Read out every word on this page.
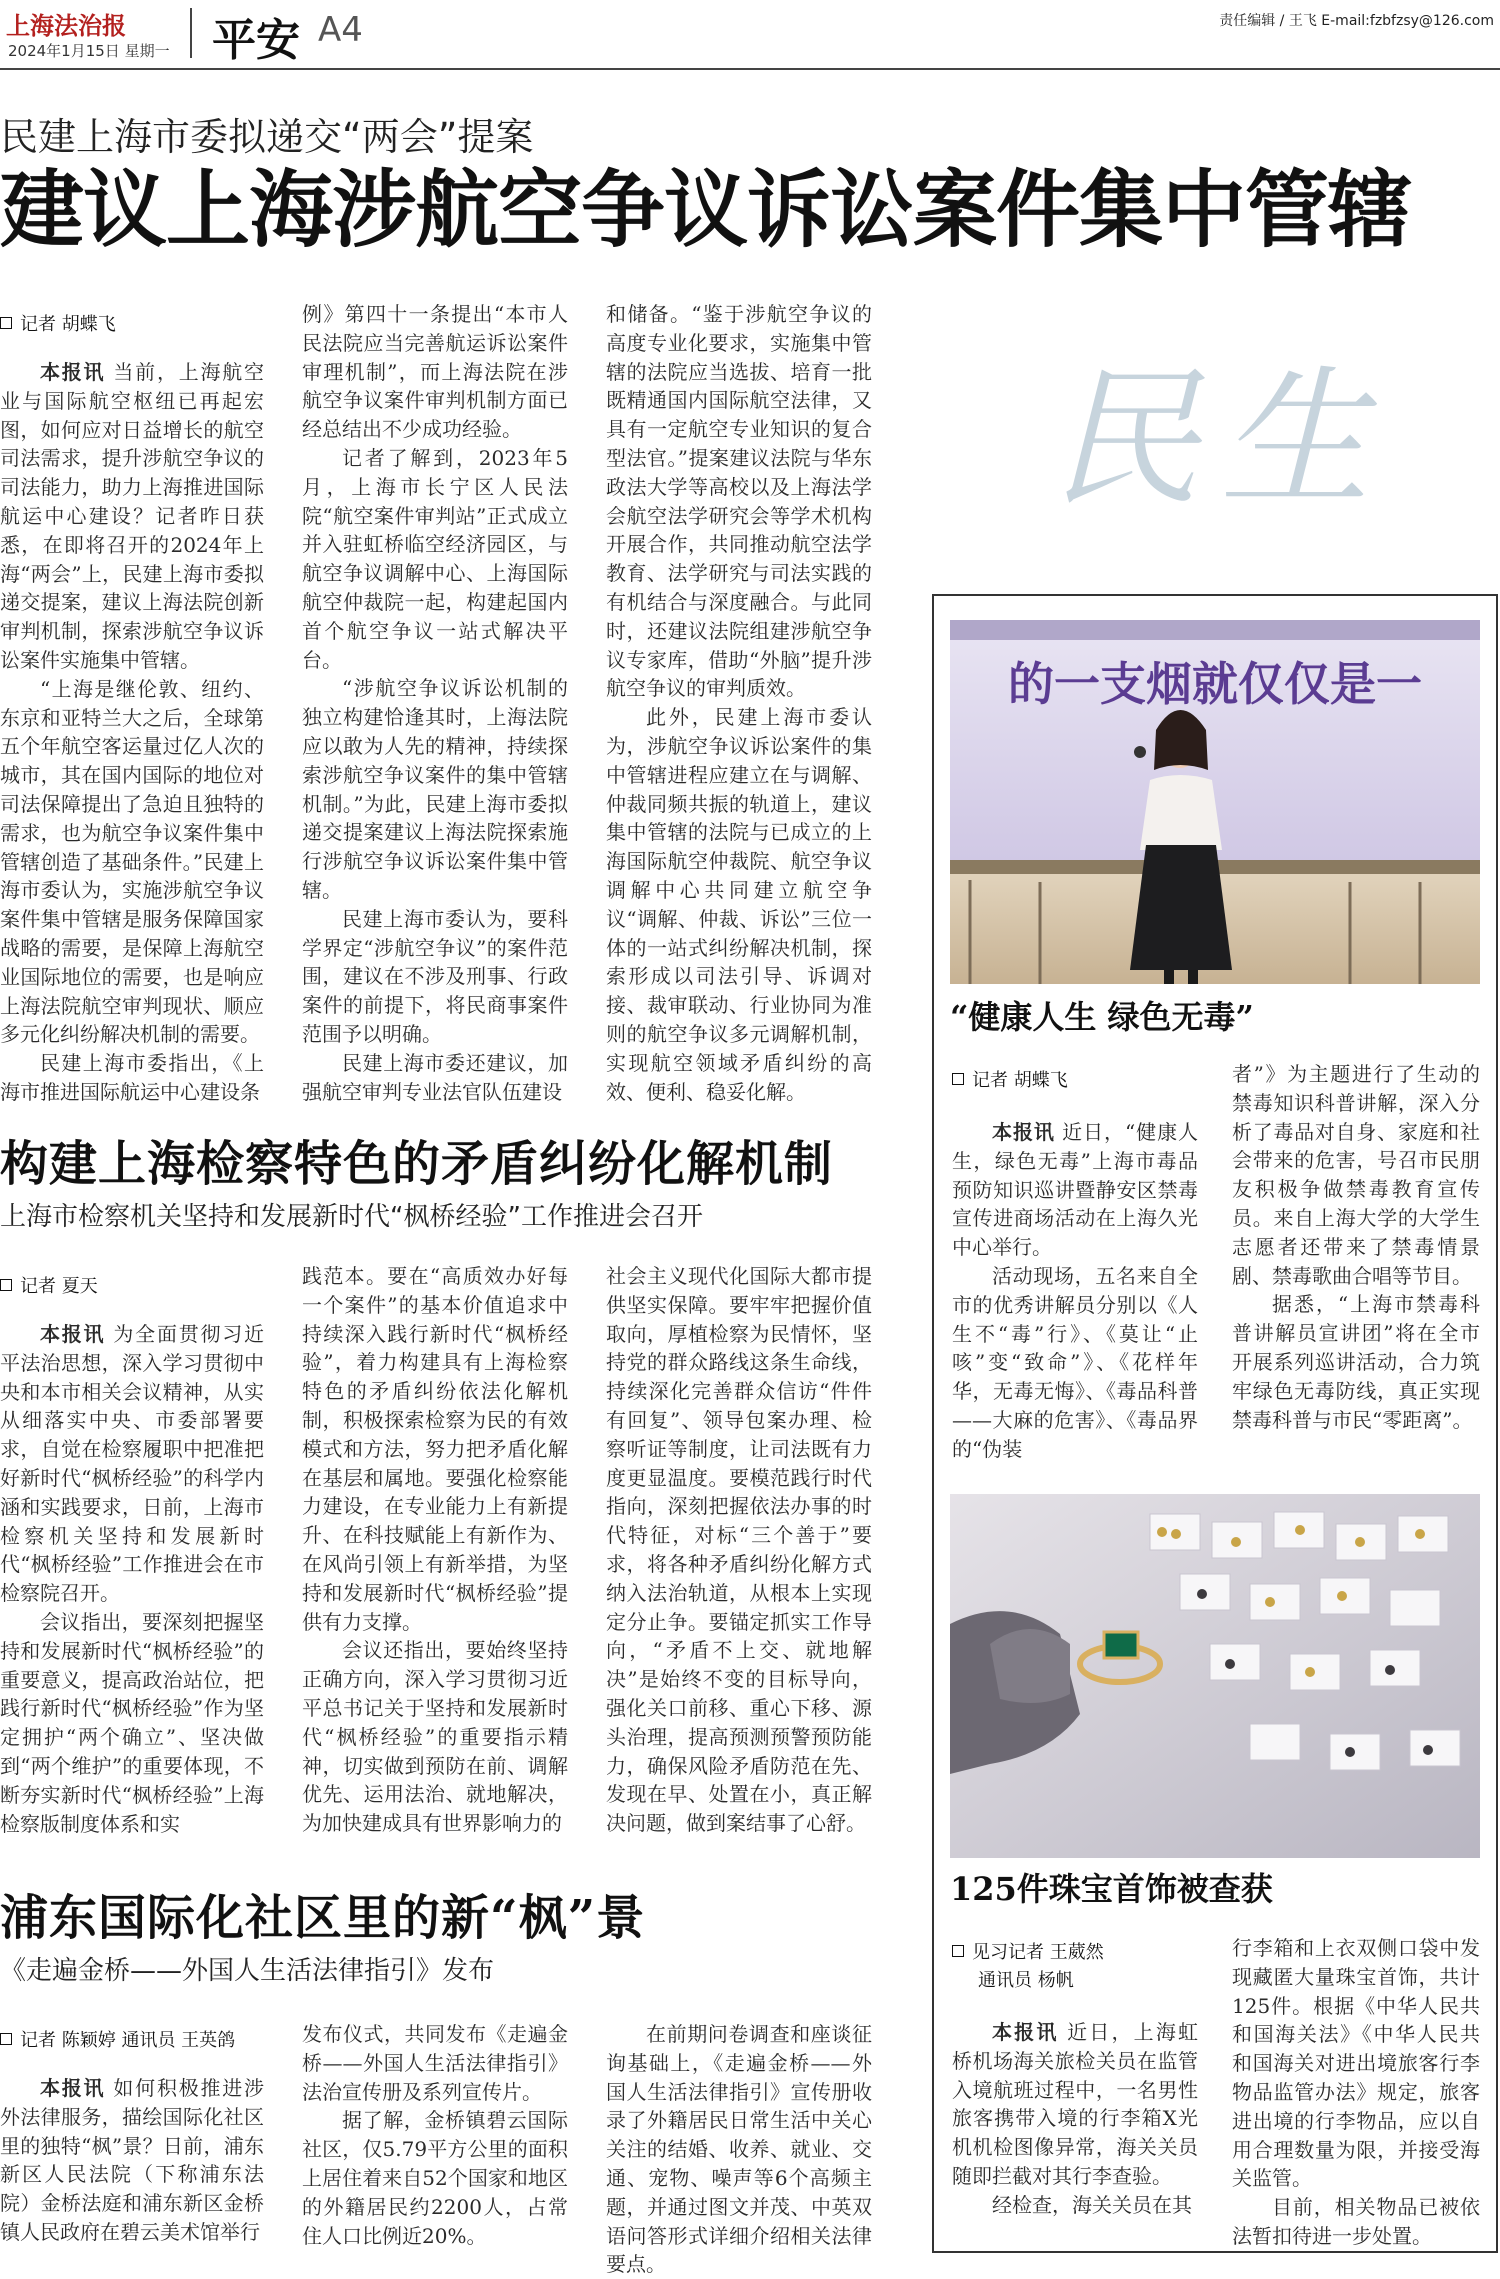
上海法治报
2024年1月15日 星期一 平安 A4	责任编辑 / 王飞 E-mail:fzbfzsy@126.com
民建上海市委拟递交“两会”提案
建议上海涉航空争议诉讼案件集中管辖
记者 胡蝶飞

本报讯 当前，上海航空业与国际航空枢纽已再起宏图，如何应对日益增长的航空司法需求，提升涉航空争议的司法能力，助力上海推进国际航运中心建设？记者昨日获悉，在即将召开的2024年上海“两会”上，民建上海市委拟递交提案，建议上海法院创新审判机制，探索涉航空争议诉讼案件实施集中管辖。

“上海是继伦敦、纽约、东京和亚特兰大之后，全球第五个年航空客运量过亿人次的城市，其在国内国际的地位对司法保障提出了急迫且独特的需求，也为航空争议案件集中管辖创造了基础条件。”民建上海市委认为，实施涉航空争议案件集中管辖是服务保障国家战略的需要，是保障上海航空业国际地位的需要，也是响应上海法院航空审判现状、顺应多元化纠纷解决机制的需要。

民建上海市委指出，《上海市推进国际航运中心建设条

例》第四十一条提出“本市人民法院应当完善航运诉讼案件审理机制”，而上海法院在涉航空争议案件审判机制方面已经总结出不少成功经验。

记者了解到，2023年5月，上海市长宁区人民法院“航空案件审判站”正式成立并入驻虹桥临空经济园区，与航空争议调解中心、上海国际航空仲裁院一起，构建起国内首个航空争议一站式解决平台。

“涉航空争议诉讼机制的独立构建恰逢其时，上海法院应以敢为人先的精神，持续探索涉航空争议案件的集中管辖机制。”为此，民建上海市委拟递交提案建议上海法院探索施行涉航空争议诉讼案件集中管辖。

民建上海市委认为，要科学界定“涉航空争议”的案件范围，建议在不涉及刑事、行政案件的前提下，将民商事案件范围予以明确。

民建上海市委还建议，加强航空审判专业法官队伍建设

和储备。“鉴于涉航空争议的高度专业化要求，实施集中管辖的法院应当选拔、培育一批既精通国内国际航空法律，又具有一定航空专业知识的复合型法官。”提案建议法院与华东政法大学等高校以及上海法学会航空法学研究会等学术机构开展合作，共同推动航空法学教育、法学研究与司法实践的有机结合与深度融合。与此同时，还建议法院组建涉航空争议专家库，借助“外脑”提升涉航空争议的审判质效。

此外，民建上海市委认为，涉航空争议诉讼案件的集中管辖进程应建立在与调解、仲裁同频共振的轨道上，建议集中管辖的法院与已成立的上海国际航空仲裁院、航空争议调解中心共同建立航空争议“调解、仲裁、诉讼”三位一体的一站式纠纷解决机制，探索形成以司法引导、诉调对接、裁审联动、行业协同为准则的航空争议多元调解机制，实现航空领域矛盾纠纷的高效、便利、稳妥化解。

构建上海检察特色的矛盾纠纷化解机制
上海市检察机关坚持和发展新时代“枫桥经验”工作推进会召开
记者 夏天

本报讯 为全面贯彻习近平法治思想，深入学习贯彻中央和本市相关会议精神，从实从细落实中央、市委部署要求，自觉在检察履职中把准把好新时代“枫桥经验”的科学内涵和实践要求，日前，上海市检察机关坚持和发展新时代“枫桥经验”工作推进会在市检察院召开。

会议指出，要深刻把握坚持和发展新时代“枫桥经验”的重要意义，提高政治站位，把践行新时代“枫桥经验”作为坚定拥护“两个确立”、坚决做到“两个维护”的重要体现，不断夯实新时代“枫桥经验”上海检察版制度体系和实

践范本。要在“高质效办好每一个案件”的基本价值追求中持续深入践行新时代“枫桥经验”，着力构建具有上海检察特色的矛盾纠纷依法化解机制，积极探索检察为民的有效模式和方法，努力把矛盾化解在基层和属地。要强化检察能力建设，在专业能力上有新提升、在科技赋能上有新作为、在风尚引领上有新举措，为坚持和发展新时代“枫桥经验”提供有力支撑。

会议还指出，要始终坚持正确方向，深入学习贯彻习近平总书记关于坚持和发展新时代“枫桥经验”的重要指示精神，切实做到预防在前、调解优先、运用法治、就地解决，为加快建成具有世界影响力的

社会主义现代化国际大都市提供坚实保障。要牢牢把握价值取向，厚植检察为民情怀，坚持党的群众路线这条生命线，持续深化完善群众信访“件件有回复”、领导包案办理、检察听证等制度，让司法既有力度更显温度。要模范践行时代指向，深刻把握依法办事的时代特征，对标“三个善于”要求，将各种矛盾纠纷化解方式纳入法治轨道，从根本上实现定分止争。要锚定抓实工作导向，“矛盾不上交、就地解决”是始终不变的目标导向，强化关口前移、重心下移、源头治理，提高预测预警预防能力，确保风险矛盾防范在先、发现在早、处置在小，真正解决问题，做到案结事了心舒。

浦东国际化社区里的新“枫”景
《走遍金桥——外国人生活法律指引》发布
记者 陈颖婷 通讯员 王英鸽

本报讯 如何积极推进涉外法律服务，描绘国际化社区里的独特“枫”景？日前，浦东新区人民法院（下称浦东法院）金桥法庭和浦东新区金桥镇人民政府在碧云美术馆举行

发布仪式，共同发布《走遍金桥——外国人生活法律指引》法治宣传册及系列宣传片。

据了解，金桥镇碧云国际社区，仅5.79平方公里的面积上居住着来自52个国家和地区的外籍居民约2200人，占常住人口比例近20%。

在前期问卷调查和座谈征询基础上，《走遍金桥——外国人生活法律指引》宣传册收录了外籍居民日常生活中关心关注的结婚、收养、就业、交通、宠物、噪声等6个高频主题，并通过图文并茂、中英双语问答形式详细介绍相关法律要点。

民生
的一支烟就仅仅是一
“健康人生 绿色无毒”
记者 胡蝶飞

本报讯 近日，“健康人生，绿色无毒”上海市毒品预防知识巡讲暨静安区禁毒宣传进商场活动在上海久光中心举行。

活动现场，五名来自全市的优秀讲解员分别以《人生不“毒”行》、《莫让“止咳”变“致命”》、《花样年华，无毒无悔》、《毒品科普——大麻的危害》、《毒品界的“伪装

者”》为主题进行了生动的禁毒知识科普讲解，深入分析了毒品对自身、家庭和社会带来的危害，号召市民朋友积极争做禁毒教育宣传员。来自上海大学的大学生志愿者还带来了禁毒情景剧、禁毒歌曲合唱等节目。

据悉，“上海市禁毒科普讲解员宣讲团”将在全市开展系列巡讲活动，合力筑牢绿色无毒防线，真正实现禁毒科普与市民“零距离”。

125件珠宝首饰被查获
见习记者 王葳然
通讯员 杨帆

本报讯 近日，上海虹桥机场海关旅检关员在监管入境航班过程中，一名男性旅客携带入境的行李箱X光机机检图像异常，海关关员随即拦截对其行李查验。

经检查，海关关员在其

行李箱和上衣双侧口袋中发现藏匿大量珠宝首饰，共计125件。根据《中华人民共和国海关法》《中华人民共和国海关对进出境旅客行李物品监管办法》规定，旅客进出境的行李物品，应以自用合理数量为限，并接受海关监管。

目前，相关物品已被依法暂扣待进一步处置。
